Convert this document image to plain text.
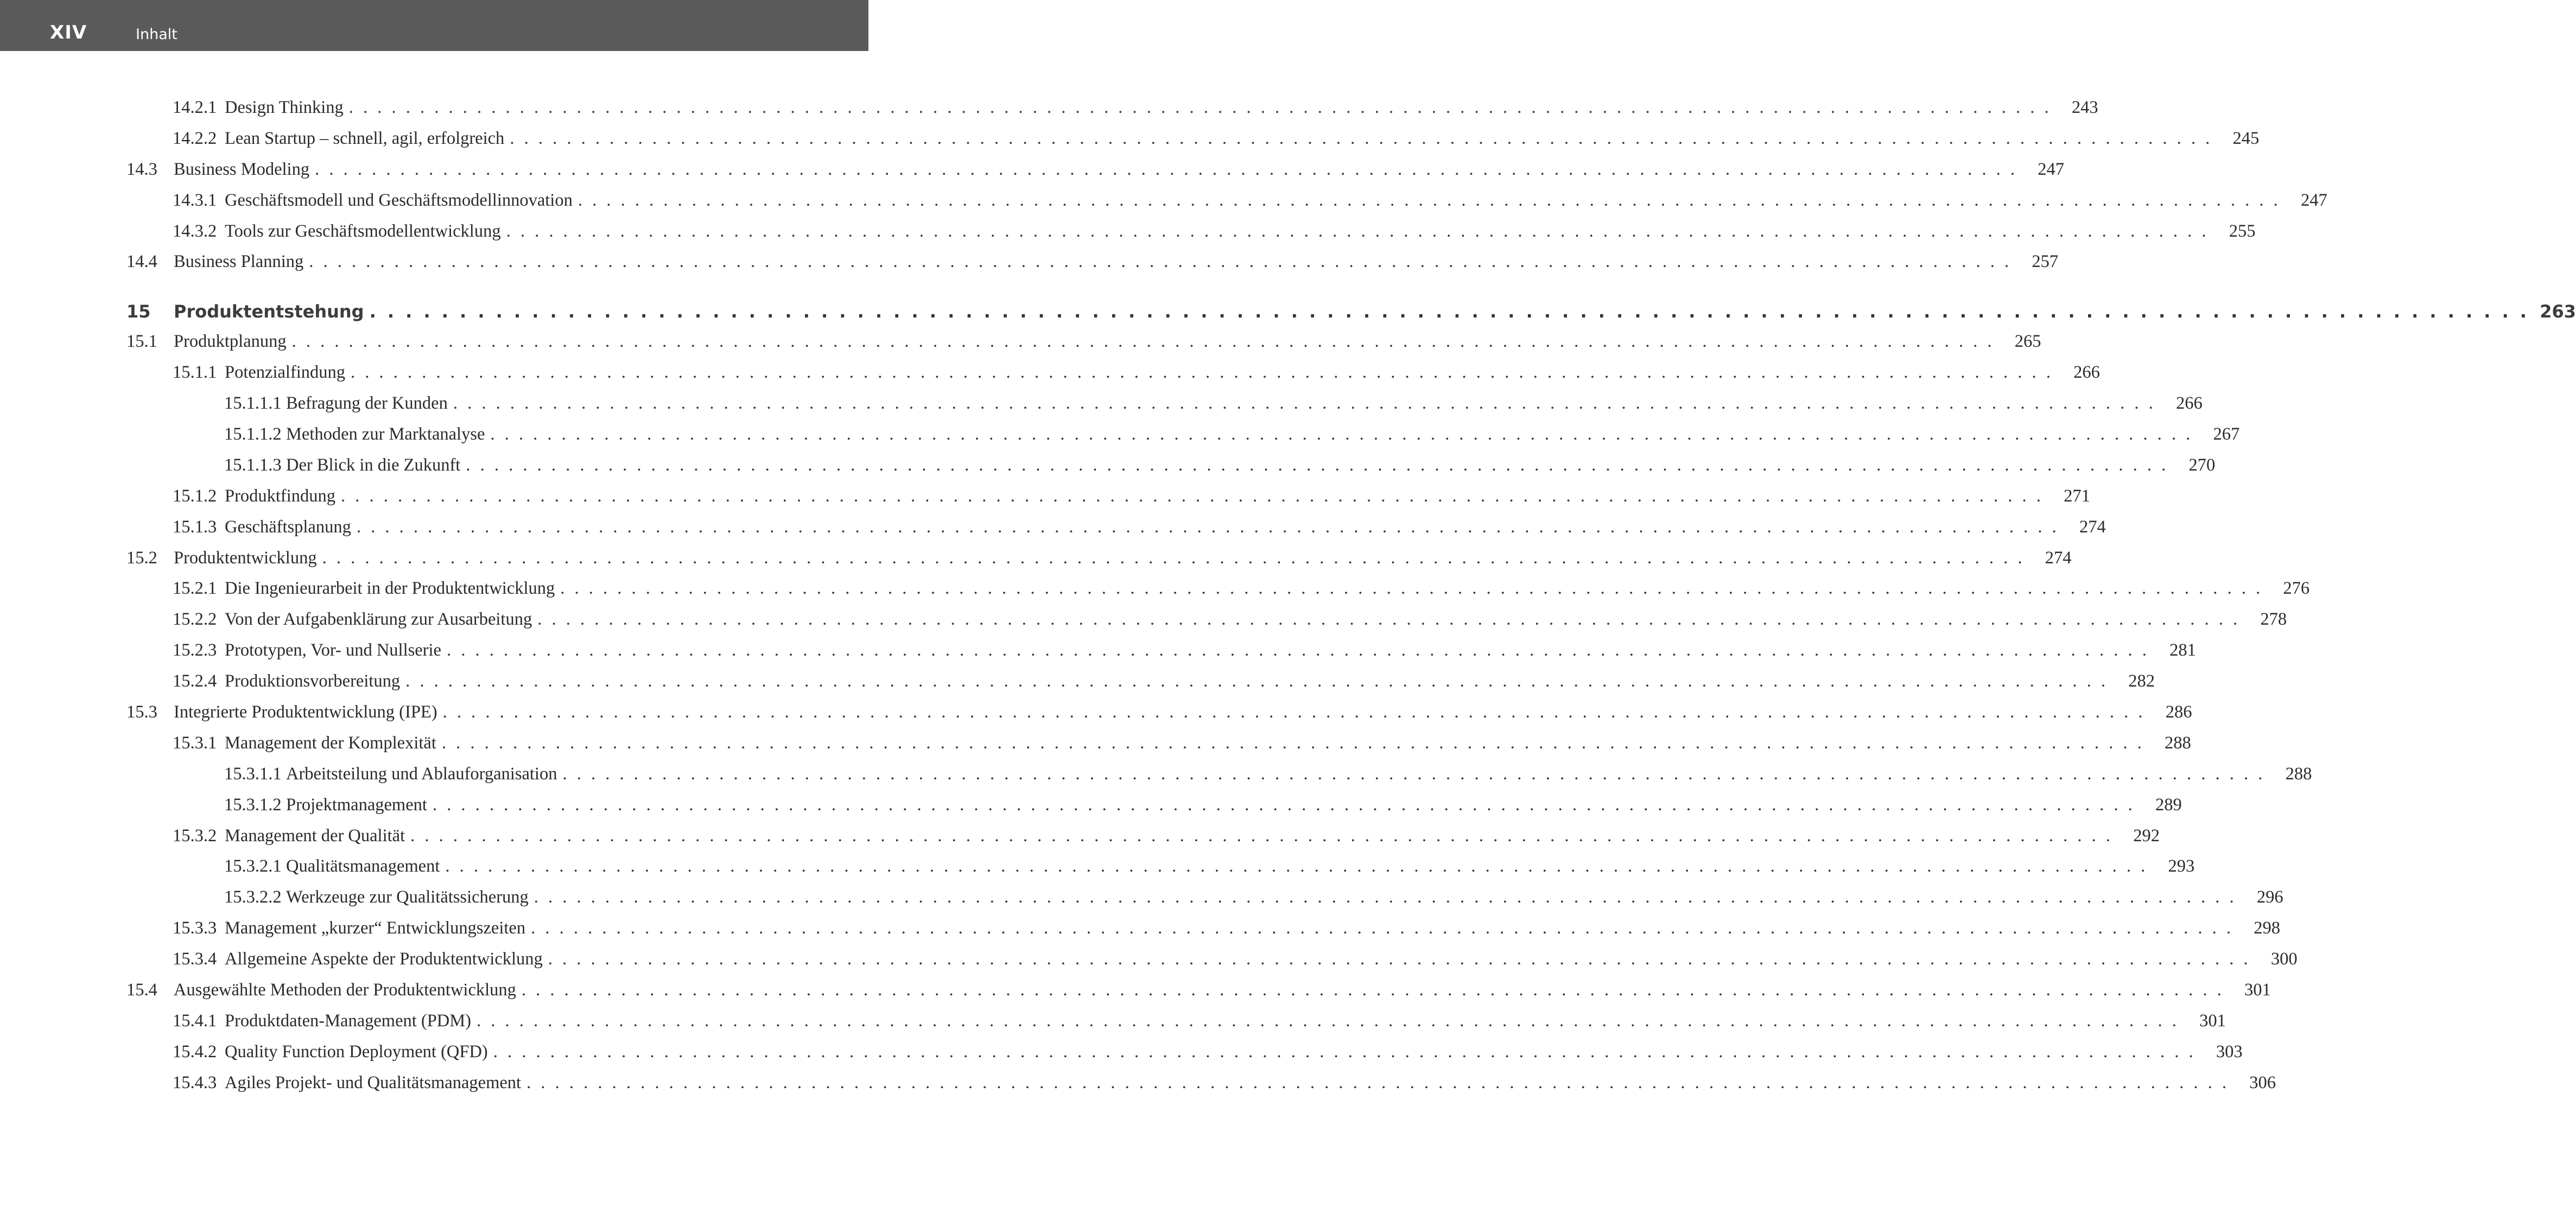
XIV	Inhalt
14.2.1 Design Thinking . . . . . . . . . . . . . . . . . . . . . . . . . . . . . . . . . . . . . . . . . . . . . . . . . . . . . . . . . . . . . . . . . . . . . . . . . . . . . . . . . . . . . . . . . . . . . . . . . . . . . . . . . . . . . . . . . . . . . . . .	243
14.2.2 Lean Startup – schnell, agil, erfolgreich . . . . . . . . . . . . . . . . . . . . . . . . . . . . . . . . . . . . . . . . . . . . . . . . . . . . . . . . . . . . . . . . . . . . . . . . . . . . . . . . . . . . . . . . . . . . . . . . . . . . . . . . . . . . . . . . . . . . . . . .	245
14.3 Business Modeling . . . . . . . . . . . . . . . . . . . . . . . . . . . . . . . . . . . . . . . . . . . . . . . . . . . . . . . . . . . . . . . . . . . . . . . . . . . . . . . . . . . . . . . . . . . . . . . . . . . . . . . . . . . . . . . . . . . . . . . .	247
14.3.1 Geschäftsmodell und Geschäftsmodellinnovation . . . . . . . . . . . . . . . . . . . . . . . . . . . . . . . . . . . . . . . . . . . . . . . . . . . . . . . . . . . . . . . . . . . . . . . . . . . . . . . . . . . . . . . . . . . . . . . . . . . . . . . . . . . . . . . . . . . . . . . .	247
14.3.2 Tools zur Geschäftsmodellentwicklung . . . . . . . . . . . . . . . . . . . . . . . . . . . . . . . . . . . . . . . . . . . . . . . . . . . . . . . . . . . . . . . . . . . . . . . . . . . . . . . . . . . . . . . . . . . . . . . . . . . . . . . . . . . . . . . . . . . . . . . .	255
14.4 Business Planning . . . . . . . . . . . . . . . . . . . . . . . . . . . . . . . . . . . . . . . . . . . . . . . . . . . . . . . . . . . . . . . . . . . . . . . . . . . . . . . . . . . . . . . . . . . . . . . . . . . . . . . . . . . . . . . . . . . . . . . .	257
15	Produktentstehung . . . . . . . . . . . . . . . . . . . . . . . . . . . . . . . . . . . . . . . . . . . . . . . . . . . . . . . . . . . . . . . . . . . . . . . . . . . . . . . . . . . . . . . . . . . . . . . . . . . . . . . . . . . . . . . . . . . . . . . . 263
15.1 Produktplanung . . . . . . . . . . . . . . . . . . . . . . . . . . . . . . . . . . . . . . . . . . . . . . . . . . . . . . . . . . . . . . . . . . . . . . . . . . . . . . . . . . . . . . . . . . . . . . . . . . . . . . . . . . . . . . . . . . . . . . . .	265
15.1.1 Potenzialfindung . . . . . . . . . . . . . . . . . . . . . . . . . . . . . . . . . . . . . . . . . . . . . . . . . . . . . . . . . . . . . . . . . . . . . . . . . . . . . . . . . . . . . . . . . . . . . . . . . . . . . . . . . . . . . . . . . . . . . . . .	266
15.1.1.1 Befragung der Kunden . . . . . . . . . . . . . . . . . . . . . . . . . . . . . . . . . . . . . . . . . . . . . . . . . . . . . . . . . . . . . . . . . . . . . . . . . . . . . . . . . . . . . . . . . . . . . . . . . . . . . . . . . . . . . . . . . . . . . . . .	266
15.1.1.2 Methoden zur Marktanalyse . . . . . . . . . . . . . . . . . . . . . . . . . . . . . . . . . . . . . . . . . . . . . . . . . . . . . . . . . . . . . . . . . . . . . . . . . . . . . . . . . . . . . . . . . . . . . . . . . . . . . . . . . . . . . . . . . . . . . . . .	267
15.1.1.3 Der Blick in die Zukunft . . . . . . . . . . . . . . . . . . . . . . . . . . . . . . . . . . . . . . . . . . . . . . . . . . . . . . . . . . . . . . . . . . . . . . . . . . . . . . . . . . . . . . . . . . . . . . . . . . . . . . . . . . . . . . . . . . . . . . . .	270
15.1.2 Produktfindung . . . . . . . . . . . . . . . . . . . . . . . . . . . . . . . . . . . . . . . . . . . . . . . . . . . . . . . . . . . . . . . . . . . . . . . . . . . . . . . . . . . . . . . . . . . . . . . . . . . . . . . . . . . . . . . . . . . . . . . .	271
15.1.3 Geschäftsplanung . . . . . . . . . . . . . . . . . . . . . . . . . . . . . . . . . . . . . . . . . . . . . . . . . . . . . . . . . . . . . . . . . . . . . . . . . . . . . . . . . . . . . . . . . . . . . . . . . . . . . . . . . . . . . . . . . . . . . . . .	274
15.2 Produktentwicklung . . . . . . . . . . . . . . . . . . . . . . . . . . . . . . . . . . . . . . . . . . . . . . . . . . . . . . . . . . . . . . . . . . . . . . . . . . . . . . . . . . . . . . . . . . . . . . . . . . . . . . . . . . . . . . . . . . . . . . . .	274
15.2.1 Die Ingenieurarbeit in der Produktentwicklung . . . . . . . . . . . . . . . . . . . . . . . . . . . . . . . . . . . . . . . . . . . . . . . . . . . . . . . . . . . . . . . . . . . . . . . . . . . . . . . . . . . . . . . . . . . . . . . . . . . . . . . . . . . . . . . . . . . . . . . .	276
15.2.2 Von der Aufgabenklärung zur Ausarbeitung . . . . . . . . . . . . . . . . . . . . . . . . . . . . . . . . . . . . . . . . . . . . . . . . . . . . . . . . . . . . . . . . . . . . . . . . . . . . . . . . . . . . . . . . . . . . . . . . . . . . . . . . . . . . . . . . . . . . . . . .	278
15.2.3 Prototypen, Vor- und Nullserie . . . . . . . . . . . . . . . . . . . . . . . . . . . . . . . . . . . . . . . . . . . . . . . . . . . . . . . . . . . . . . . . . . . . . . . . . . . . . . . . . . . . . . . . . . . . . . . . . . . . . . . . . . . . . . . . . . . . . . . .	281
15.2.4 Produktionsvorbereitung . . . . . . . . . . . . . . . . . . . . . . . . . . . . . . . . . . . . . . . . . . . . . . . . . . . . . . . . . . . . . . . . . . . . . . . . . . . . . . . . . . . . . . . . . . . . . . . . . . . . . . . . . . . . . . . . . . . . . . . .	282
15.3 Integrierte Produktentwicklung (IPE) . . . . . . . . . . . . . . . . . . . . . . . . . . . . . . . . . . . . . . . . . . . . . . . . . . . . . . . . . . . . . . . . . . . . . . . . . . . . . . . . . . . . . . . . . . . . . . . . . . . . . . . . . . . . . . . . . . . . . . . .	286
15.3.1 Management der Komplexität . . . . . . . . . . . . . . . . . . . . . . . . . . . . . . . . . . . . . . . . . . . . . . . . . . . . . . . . . . . . . . . . . . . . . . . . . . . . . . . . . . . . . . . . . . . . . . . . . . . . . . . . . . . . . . . . . . . . . . . .	288
15.3.1.1 Arbeitsteilung und Ablauforganisation . . . . . . . . . . . . . . . . . . . . . . . . . . . . . . . . . . . . . . . . . . . . . . . . . . . . . . . . . . . . . . . . . . . . . . . . . . . . . . . . . . . . . . . . . . . . . . . . . . . . . . . . . . . . . . . . . . . . . . . .	288
15.3.1.2 Projektmanagement . . . . . . . . . . . . . . . . . . . . . . . . . . . . . . . . . . . . . . . . . . . . . . . . . . . . . . . . . . . . . . . . . . . . . . . . . . . . . . . . . . . . . . . . . . . . . . . . . . . . . . . . . . . . . . . . . . . . . . . .	289
15.3.2 Management der Qualität . . . . . . . . . . . . . . . . . . . . . . . . . . . . . . . . . . . . . . . . . . . . . . . . . . . . . . . . . . . . . . . . . . . . . . . . . . . . . . . . . . . . . . . . . . . . . . . . . . . . . . . . . . . . . . . . . . . . . . . .	292
15.3.2.1 Qualitätsmanagement . . . . . . . . . . . . . . . . . . . . . . . . . . . . . . . . . . . . . . . . . . . . . . . . . . . . . . . . . . . . . . . . . . . . . . . . . . . . . . . . . . . . . . . . . . . . . . . . . . . . . . . . . . . . . . . . . . . . . . . .	293
15.3.2.2 Werkzeuge zur Qualitätssicherung . . . . . . . . . . . . . . . . . . . . . . . . . . . . . . . . . . . . . . . . . . . . . . . . . . . . . . . . . . . . . . . . . . . . . . . . . . . . . . . . . . . . . . . . . . . . . . . . . . . . . . . . . . . . . . . . . . . . . . . .	296
15.3.3 Management „kurzer“ Entwicklungszeiten . . . . . . . . . . . . . . . . . . . . . . . . . . . . . . . . . . . . . . . . . . . . . . . . . . . . . . . . . . . . . . . . . . . . . . . . . . . . . . . . . . . . . . . . . . . . . . . . . . . . . . . . . . . . . . . . . . . . . . . .	298
15.3.4 Allgemeine Aspekte der Produktentwicklung . . . . . . . . . . . . . . . . . . . . . . . . . . . . . . . . . . . . . . . . . . . . . . . . . . . . . . . . . . . . . . . . . . . . . . . . . . . . . . . . . . . . . . . . . . . . . . . . . . . . . . . . . . . . . . . . . . . . . . . .	300
15.4 Ausgewählte Methoden der Produktentwicklung . . . . . . . . . . . . . . . . . . . . . . . . . . . . . . . . . . . . . . . . . . . . . . . . . . . . . . . . . . . . . . . . . . . . . . . . . . . . . . . . . . . . . . . . . . . . . . . . . . . . . . . . . . . . . . . . . . . . . . . .	301
15.4.1 Produktdaten-Management (PDM) . . . . . . . . . . . . . . . . . . . . . . . . . . . . . . . . . . . . . . . . . . . . . . . . . . . . . . . . . . . . . . . . . . . . . . . . . . . . . . . . . . . . . . . . . . . . . . . . . . . . . . . . . . . . . . . . . . . . . . . .	301
15.4.2 Quality Function Deployment (QFD) . . . . . . . . . . . . . . . . . . . . . . . . . . . . . . . . . . . . . . . . . . . . . . . . . . . . . . . . . . . . . . . . . . . . . . . . . . . . . . . . . . . . . . . . . . . . . . . . . . . . . . . . . . . . . . . . . . . . . . . .	303
15.4.3 Agiles Projekt- und Qualitätsmanagement . . . . . . . . . . . . . . . . . . . . . . . . . . . . . . . . . . . . . . . . . . . . . . . . . . . . . . . . . . . . . . . . . . . . . . . . . . . . . . . . . . . . . . . . . . . . . . . . . . . . . . . . . . . . . . . . . . . . . . . .	306
